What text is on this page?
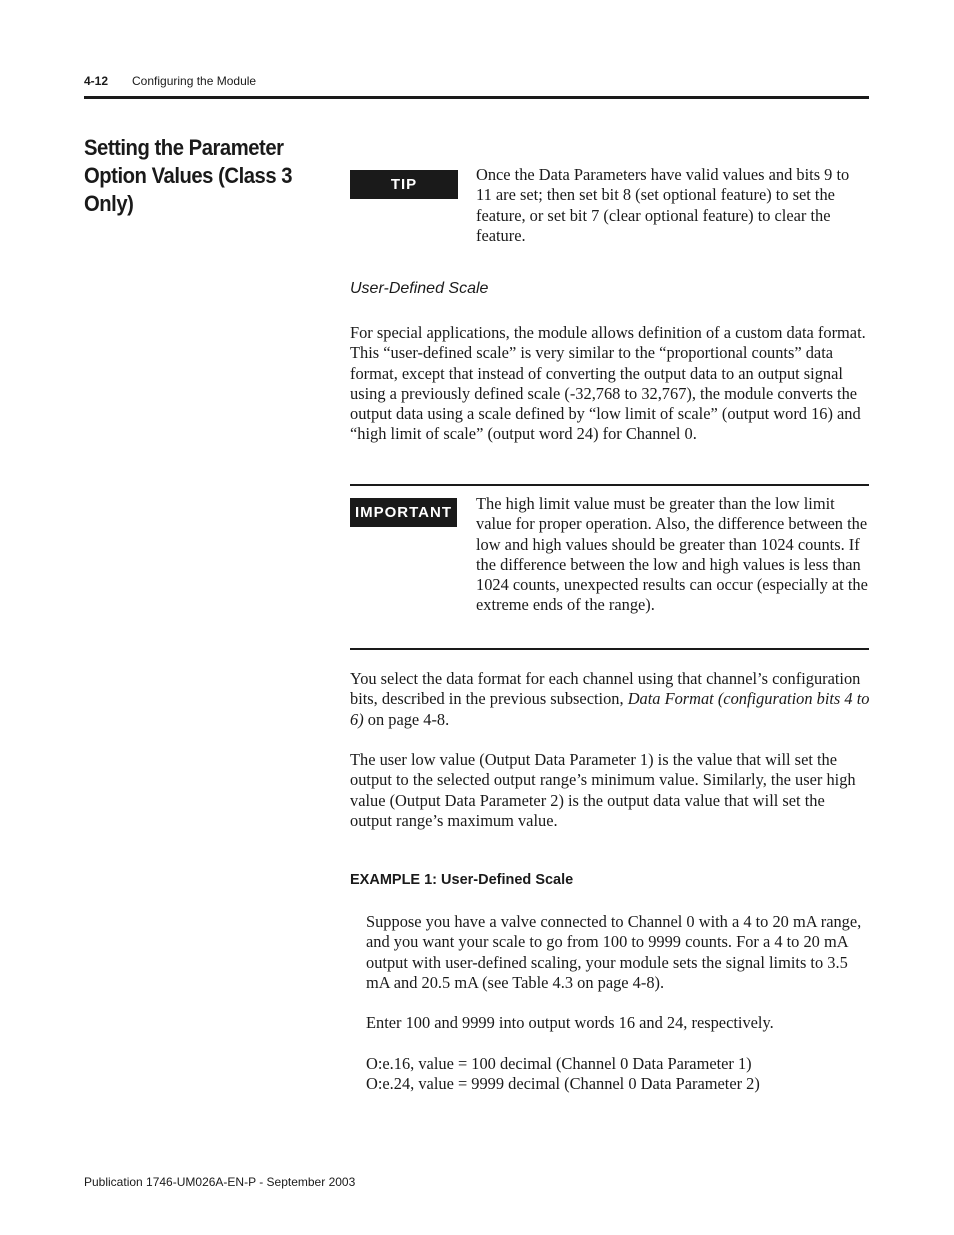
4-12 Configuring the Module
Setting the Parameter Option Values (Class 3 Only)
TIP

Once the Data Parameters have valid values and bits 9 to 11 are set; then set bit 8 (set optional feature) to set the feature, or set bit 7 (clear optional feature) to clear the feature.

User-Defined Scale

For special applications, the module allows definition of a custom data format. This “user-defined scale” is very similar to the “proportional counts” data format, except that instead of converting the output data to an output signal using a previously defined scale (-32,768 to 32,767), the module converts the output data using a scale defined by “low limit of scale” (output word 16) and “high limit of scale” (output word 24) for Channel 0.

IMPORTANT	The high limit value must be greater than the low limit value for proper operation. Also, the difference between the low and high values should be greater than 1024 counts. If the difference between the low and high values is less than 1024 counts, unexpected results can occur (especially at the extreme ends of the range).

You select the data format for each channel using that channel’s configuration bits, described in the previous subsection, Data Format (configuration bits 4 to 6) on page 4-8.

The user low value (Output Data Parameter 1) is the value that will set the output to the selected output range’s minimum value. Similarly, the user high value (Output Data Parameter 2) is the output data value that will set the output range’s maximum value.

EXAMPLE 1: User-Defined Scale

Suppose you have a valve connected to Channel 0 with a 4 to 20 mA range, and you want your scale to go from 100 to 9999 counts. For a 4 to 20 mA output with user-defined scaling, your module sets the signal limits to 3.5 mA and 20.5 mA (see Table 4.3 on page 4-8).

Enter 100 and 9999 into output words 16 and 24, respectively.

O:e.16, value = 100 decimal (Channel 0 Data Parameter 1)

O:e.24, value = 9999 decimal (Channel 0 Data Parameter 2)

Publication 1746-UM026A-EN-P - September 2003
